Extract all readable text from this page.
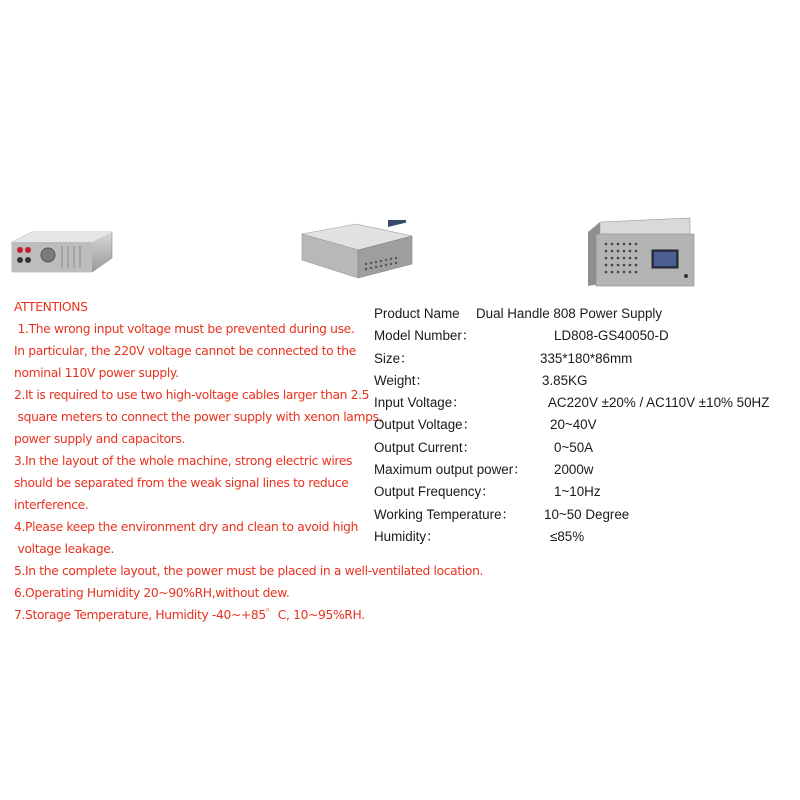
ATTENTIONS
1.The wrong input voltage must be prevented during use.
In particular, the 220V voltage cannot be connected to the
nominal 110V power supply.
2.It is required to use two high-voltage cables larger than 2.5
square meters to connect the power supply with xenon lamps,
power supply and capacitors.
3.In the layout of the whole machine, strong electric wires
should be separated from the weak signal lines to reduce
interference.
4.Please keep the environment dry and clean to avoid high
voltage leakage.
5.In the complete layout, the power must be placed in a well-ventilated location.
6.Operating Humidity 20~90%RH,without dew.
7.Storage Temperature, Humidity -40~+85゜C, 10~95%RH.
Product Name Dual Handle 808 Power Supply
Model Number：	LD808-GS40050-D
Size：	335*180*86mm
Weight：	3.85KG
Input Voltage：	AC220V ±20% / AC110V ±10% 50HZ
Output Voltage：	20~40V
Output Current：	0~50A
Maximum output power： 2000w
Output Frequency：	1~10Hz
Working Temperature： 10~50 Degree
Humidity：	≤85%
